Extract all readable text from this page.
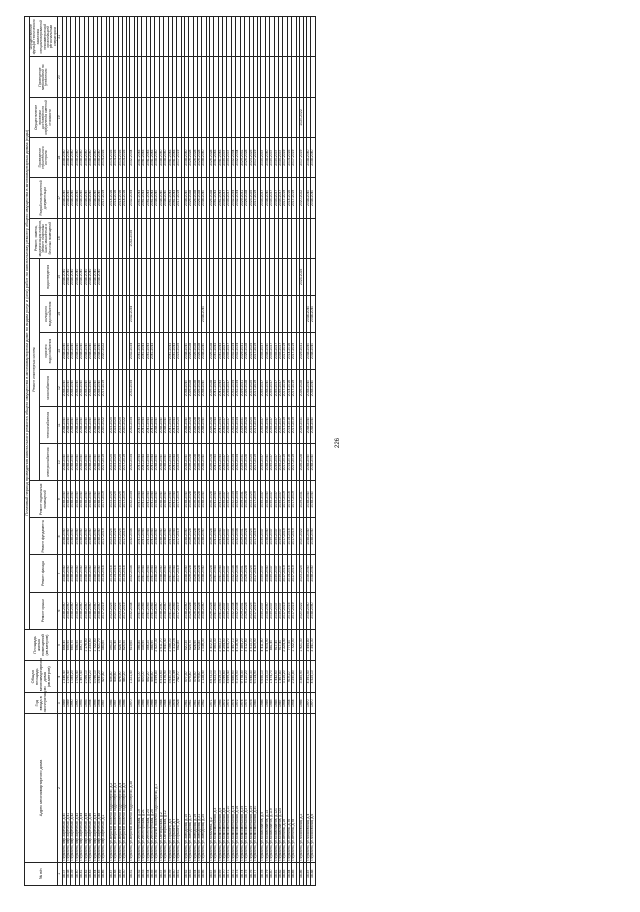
226
№ п/п	Адрес многоквартирного дома	Год ввода в эксплуатацию	Общая площадь многоквартирного дома (кв.метров)	Площадь жилых помещений (кв.метров)	Плановый период проведения капитального ремонта общего имущества в многоквартирном доме по видам услуг и (или) работ по капитальному ремонту общего имущества в многоквартирных домах (годы)															
					Ремонт крыши	Ремонт фасада	Ремонт фундамента	Ремонт подвальных помещений	Ремонт инженерных систем						Ремонт, замена, модернизация лифтов, ремонт лифтовых шахт, машинных и блочных помещений	Разработка проектной документации	Проведение строительного контроля	Осуществление проверки достоверности определения сметной стоимости	Проведение мероприятий по утеплению	Осуществление функций технического заказчика специализированной некоммерческой организацией региональным оператором
									электроснабжения	теплоснабжения	газоснабжения	горячего водоснабжения	холодного водоснабжения	водоотведения						
1	2	3	4	5	6	7	8	9	10	11	12	13	14	15	16	17	18	19	20	21
38.37	г.Фрязино, мкр.Заречный, д.40	1989	1 346,40	844,40	2038-2040	2038-2040	2038-2040	2038-2040	2038-2040	2038-2040	2038-2040	2038-2040		2038-2040		2038-2040	2038-2040			
38.38	г.Фрязино, мкр.Заречный, д.41	1989	1 090,40	655,90	2038-2040	2038-2040	2038-2040	2038-2040	2038-2040	2038-2040	2038-2040	2038-2040		2038-2040		2038-2040	2038-2040			
38.39	г.Фрязино, мкр.Заречный, д.42	1990	1 085,20	665,70	2038-2040	2038-2040	2038-2040	2038-2040	2038-2040	2038-2040	2038-2040	2038-2040		2038-2040		2038-2040	2038-2040			
38.40	г.Фрязино, мкр.Заречный, д.43	1990	1 092,40	656,50	2038-2040	2038-2040	2038-2040	2038-2040	2038-2040	2038-2040	2038-2040	2038-2040		2038-2040		2038-2040	2038-2040			
38.41	г.Фрязино, мкр.Заречный, д.44	1993	1 467,40	890,70	2038-2040	2038-2040	2038-2040	2038-2040	2038-2040	2038-2040	2038-2040	2038-2040		2038-2040		2038-2040	2038-2040			
38.42	г.Фрязино, мкр.Заречный, д.45	1993	2 066,10	1 176,60	2038-2040	2038-2040	2038-2040	2038-2040	2038-2040	2038-2040	2038-2040	2038-2040		2038-2040		2038-2040	2038-2040			
38.43	г.Фрязино, мкр.Заречный, д.46	1994	2 093,20	1 233,60	2038-2040	2038-2040	2038-2040	2038-2040	2038-2040	2038-2040	2038-2040	2038-2040		2038-2040		2038-2040	2038-2040			
38.44	г.Фрязино, мкр.Заречный, д.47	1995	3 096,10	1 722,60	2038-2040	2038-2040	2038-2040	2038-2040	2038-2040	2038-2040	2038-2040	2038-2040		2038-2040		2038-2040	2038-2040			
38.45	г.Фрязино, мкр.Заречный, д.48	1994	3 640,20	1 921,70	2038-2040	2038-2040	2038-2040	2038-2040	2038-2040	2038-2040	2038-2040	2038-2040		2038-2040		2038-2040	2038-2040			
38.46	г.Фрязино, мкр.Заречный, д.1	1947	427,80	383,60	2017-2019	2014-2016	2017-2019	2017-2019	2017-2019	2020-2022	2017-2019	2020-2022				2017-2019	2014-2016			

38.47	г.Фрязино, ул.Верхний поселок Гидроэнергии, д.2	1946	436,80	393,20	2023-2025	2014-2016	2023-2025	2023-2025	2023-2025	2023-2025						2014-2016	2014-2016			
38.48	г.Фрязино, ул.Верхний поселок Гидроэнергии, д.3	1947	434,60	391,40	2020-2022	2014-2016	2023-2025	2023-2025	2023-2025	2023-2025						2014-2016	2014-2016			
38.49	г.Фрязино, ул.Верхний поселок Гидроэнергии, д.4	1946	476,90	428,70	2023-2025	2014-2016	2023-2025	2023-2025	2023-2025	2023-2025						2014-2016	2014-2016			
38.50	г.Фрязино, ул.Верхний поселок Гидроэнергии, д.5	1946	480,20	425,50	2017-2019	2014-2016	2017-2019	2017-2019	2017-2019	2020-2022						2014-2016	2014-2016			

38.51	г.Фрязино, ул.Верхний поселок Гидроэнергии, д.38	1970	1 221,40	619,60	2032-2034	2032-2034	2032-2034	2032-2034	2032-2034	2032-2034	2032-2034	2032-2034	2032-2034		2032-2034	2032-2034	2032-2034			

38.52	г.Фрязино, ул.Институтская, д.19	1966	401,00	366,80	2041-2043	2041-2043	2041-2043	2041-2043	2041-2043	2041-2043		2041-2043				2041-2043	2041-2043			
38.53	г.Фрязино, ул.Институтская, д.21	1966	400,00	335,90	2041-2043	2041-2043	2041-2043	2041-2043	2041-2043	2041-2043		2041-2043				2041-2043	2041-2043			
38.54	г.Фрязино, ул.Институтская, д.23	1966	452,20	364,20	2041-2043	2041-2043	2041-2043	2041-2043	2041-2043	2041-2043		2041-2043				2041-2043	2041-2043			
38.55	г.Фрязино, ул.Институтская, д.25	1966	456,60	368,90	2041-2043	2041-2043	2041-2043	2041-2043	2041-2043	2041-2043		2041-2043				2041-2043	2041-2043			
38.56	г.Фрязино, ул.Нижний поселок Гидроэнергии, д.1	1984	4 599,80	2 620,30	2038-2040	2038-2040	2038-2040	2038-2040	2038-2040	2038-2040						2038-2040	2038-2040			
38.57	г.Фрязино, ул.Октябрьская, д.2	1984	4 515,60	2 611,70	2038-2040	2038-2040	2038-2040	2038-2040	2038-2040	2038-2040						2038-2040	2038-2040			
38.58	г.Фрязино, ул.Октябрьская, д.12	1984	4 376,90	2 640,40	2038-2040	2038-2040	2038-2040	2038-2040	2038-2040	2038-2040						2038-2040	2038-2040			
38.59	г.Фрязино, ул.Горького, д.5	1983	3 630,00	2 066,00	2041-2043	2041-2043	2041-2043	2041-2043	2041-2043	2041-2043		2041-2043				2041-2043	2041-2043			
38.60	г.Фрязино, ул.Горького, д.7	1978	1 610,49	1 312,05	2041-2043	2041-2043	2041-2043	2041-2043	2041-2043	2041-2043		2041-2043				2041-2043	2041-2043			
38.61	г.Фрязино, ул.Горького, д.9	1928	742,70	542,80	2017-2019	2017-2019	2017-2019	2017-2019	2023-2025	2023-2025		2023-2025				2017-2019	2017-2019			

38.62	г.Фрязино, ул.Заводская, д.15	1961	577,30	520,30	2038-2040	2038-2040	2038-2040	2038-2040	2038-2040	2038-2040	2038-2040	2038-2040				2038-2040	2038-2040			
38.63	г.Фрязино, ул.Заводская, д.17	1961	579,40	525,70	2026-2028	2026-2028	2026-2028	2026-2028	2026-2028	2026-2028	2026-2028	2026-2028				2026-2028	2026-2028			
38.64	г.Фрязино, ул.Заводская, д.19	1961	578,50	524,90	2026-2028	2026-2028	2026-2028	2026-2028	2026-2028	2026-2028	2026-2028	2026-2028				2026-2028	2026-2028			
38.65	г.Фрязино, ул.Заводская, д.21	1961	579,60	523,80	2026-2028	2026-2028	2026-2028	2026-2028	2026-2028	2026-2028	2026-2028	2026-2028				2026-2028	2026-2028			
38.66	г.Фрязино, ул.Заводская, д.25	1962	1 128,40	1 036,30	2038-2040	2038-2040	2038-2040	2038-2040	2038-2040	2038-2040	2038-2040	2038-2040	2038-2040			2038-2040	2038-2040			

38.67	г.Фрязино, ул.Ковалева, д.2	1971	4 673,00	3 402,60	2026-2028	2026-2028	2026-2028	2026-2028	2026-2028	2026-2028	2026-2028	2026-2028				2026-2028	2026-2028			
38.68	г.Фрязино, ул.Комсомольская, д.3	1966	3 623,00	2 563,30	2041-2043	2041-2043	2041-2043	2041-2043	2041-2043	2041-2043	2041-2043	2041-2043				2041-2043	2041-2043			
38.69	г.Фрязино, ул.Комсомольская, д.5	1966	3 619,10	2 563,10	2041-2043	2041-2043	2041-2043	2041-2043	2041-2043	2041-2043	2041-2043	2041-2043				2041-2043	2041-2043			
38.70	г.Фрязино, ул.Комсомольская, д.8	1972	5 099,60	4 254,50	2035-2037	2035-2037	2035-2037	2035-2037	2035-2037	2035-2037	2035-2037	2035-2037				2035-2037	2035-2037			
38.71	г.Фрязино, ул.Комсомольская, д.10	1973	4 699,40	3 404,70	2035-2037	2035-2037	2035-2037	2035-2037	2035-2037	2035-2037	2035-2037	2035-2037				2035-2037	2035-2037			
38.72	г.Фрязино, ул.Комсомольская, д.14	1974	4 686,60	3 457,10	2032-2034	2032-2034	2032-2034	2032-2034	2032-2034	2032-2034	2032-2034	2032-2034				2032-2034	2032-2034			
38.73	г.Фрязино, ул.Комсомольская, д.16	1972	5 109,50	4 016,40	2032-2034	2032-2034	2032-2034	2032-2034	2032-2034	2032-2034	2032-2034	2032-2034				2032-2034	2032-2034			
38.74	г.Фрязино, ул.Комсомольская, д.25	1974	9 778,30	7 384,20	2029-2031	2029-2031	2029-2031	2029-2031	2029-2031	2029-2031	2029-2031	2029-2031				2029-2031	2029-2031			
38.75	г.Фрязино, ул.Комсомольская, д.27	1975	5 110,20	3 512,60	2026-2028	2026-2028	2026-2028	2026-2028	2026-2028	2026-2028	2026-2028	2026-2028				2026-2028	2026-2028			
38.76	г.Фрязино, ул.Комсомольская, д.29	1978	4 648,30	3 513,00	2023-2025	2023-2025	2023-2025	2023-2025	2023-2025	2023-2025	2023-2025	2023-2025				2023-2025	2023-2025			
38.77	г.Фрязино, ул.Комсомольская, д.30	1983	6 014,90	4 429,90	2017-2019	2017-2019	2017-2019	2017-2019	2017-2019	2017-2019	2017-2019	2017-2019				2017-2019	2017-2019			

38.78	г.Фрязино, ул.Космонавтов, д.5	1986	6 656,10	4 411,60	2035-2037	2035-2037	2035-2037	2035-2037	2035-2037	2035-2037	2035-2037	2035-2037				2035-2037	2035-2037			
38.79	г.Фрязино, ул.Космонавтов, д.13	1989	7 215,10	4 904,90	2038-2040	2038-2040	2038-2040	2038-2040	2038-2040	2038-2040	2038-2040	2038-2040				2038-2040	2038-2040			
38.80	г.Фрязино, ул.Космонавтов, д.119	1985	1 474,70	881,40	2035-2037	2035-2037	2035-2037	2035-2037	2035-2037	2035-2037	2035-2037	2035-2037				2035-2037	2035-2037			
38.81	г.Фрязино, ул.Космонавтов, д.121	1985	1 442,60	917,40	2035-2037	2035-2037	2035-2037	2035-2037	2035-2037	2035-2037	2035-2037	2035-2037				2035-2037	2035-2037			
38.82	г.Фрязино, ул.Космонавтов, д.123	1987	1 467,80	917,40	2035-2037	2035-2037	2035-2037	2035-2037	2035-2037	2035-2037	2035-2037	2035-2037				2035-2037	2035-2037			
38.83	г.Фрязино, ул.Ленина, д.16	1954	3 115,20	2 224,40	2017-2019	2017-2019	2017-2019	2017-2019	2017-2019	2017-2019	2017-2019	2017-2019				2017-2019	2017-2019			
38.84	г.Фрязино, ул.Ленина, д.76	1954	919,10	777,50	2014-2016	2014-2016	2014-2016	2014-2016	2014-2016	2014-2016	2014-2016	2014-2016				2014-2016	2014-2016			
38.85	г.Фрязино, ул.Ленина, д.78	1954	2 250,80	1 722,50	2017-2019	2017-2019	2017-2019	2017-2019	2017-2019	2017-2019	2017-2019	2017-2019				2017-2019	2017-2019			

38.86	г.Фрязино, ул.Московская, д.2	1966	3 385,90	1 921,30	2020-2022	2023-2025	2020-2022	2029-2031	2026-2028	2029-2031	2026-2028	2029-2031		2023-2025		2020-2022	2017-2019	2020-2022		

38.87	г.Фрязино, ул.Московская, д.4	1970	4 391,50	3 444,80	2038-2040	2038-2040	2038-2040	2038-2040	2038-2040	2038-2040	2038-2040	2038-2040	2038-2040			2038-2040	2038-2040			
38.88	г.Фрязино, ул.Московская, д.6	1970	4 525,10	3 341,30	2038-2040	2038-2040	2038-2040	2038-2040	2038-2040	2038-2040	2038-2040	2038-2040	2038-2040			2038-2040	2038-2040			
